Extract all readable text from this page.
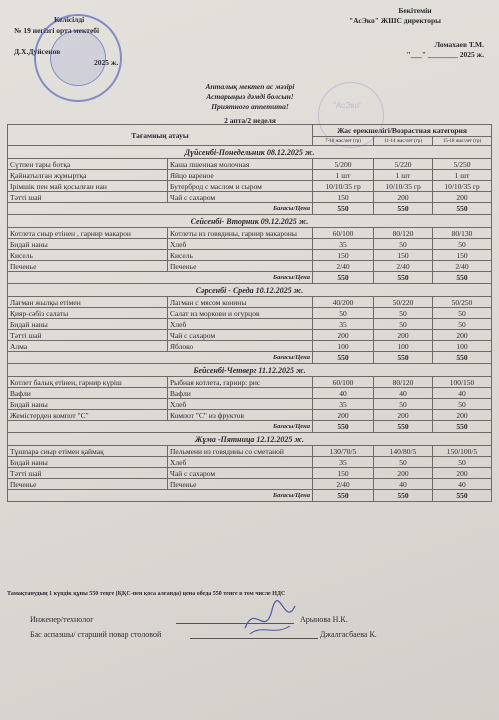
Келісілді
№ 19 негізгі орта мектебі
Д.Х.Дуйсенов
2025 ж.
Бекітемін
"АсЭко" ЖШС директоры
Ломахаев Т.М.
"___" ________ 2025 ж.
"АсЭко"
Апталық мектеп ас мәзірі
Астарыңыз дәмді болсын!
Приятного аппетита!
2 апта/2 неделя
Тағамның атауы		Жас ерекшелігі/Возрастная категория		
		7-10 жас/лет (гр)	11-14 жас/лет (гр)	15-18 жас/лет (гр)
Дүйсенбі-Понедельник 08.12.2025 ж.				
Сүтпен тары ботқа	Каша пшенная молочная	5/200	5/220	5/250
Қайнатылған жұмыртқа	Яйцо вареное	1 шт	1 шт	1 шт
Ірімшік пен май қосылған нан	Бутерброд с маслом и сыром	10/10/35 гр	10/10/35 гр	10/10/35 гр
Тәтті шай	Чай с сахаром	150	200	200
Бағасы/Цена		550	550	550
Сейсенбі- Вторник 09.12.2025 ж.				
Котлета сиыр етінен , гарнир макарон	Котлеты из говядины, гарнир макароны	60/100	80/120	80/130
Бидай наны	Хлеб	35	50	50
Кисель	Кисель	150	150	150
Печенье	Печенье	2/40	2/40	2/40
Бағасы/Цена		550	550	550
Сәрсенбі - Среда 10.12.2025 ж.				
Лағман жылқы етімен	Лагман с мясом конины	40/200	50/220	50/250
Қияр-сәбіз салаты	Салат из моркови и огурцов	50	50	50
Бидай наны	Хлеб	35	50	50
Тәтті шай	Чай с сахаром	200	200	200
Алма	Яблоко	100	100	100
Бағасы/Цена		550	550	550
Бейсенбі-Четверг 11.12.2025 ж.				
Котлет балық етінен, гарнир күріш	Рыбная котлета, гарнир: рис	60/100	80/120	100/150
Вафли	Вафли	40	40	40
Бидай наны	Хлеб	35	50	50
Жемістерден компот "С"	Компот "С" из фруктов	200	200	200
Бағасы/Цена		550	550	550
Жұма -Пятница 12.12.2025 ж.				
Тұшпара сиыр етімен қаймақ	Пельмени из говядины со сметаной	130/70/5	140/80/5	150/100/5
Бидай наны	Хлеб	35	50	50
Тәтті шай	Чай с сахаром	150	200	200
Печенье	Печенье	2/40	40	40
Бағасы/Цена		550	550	550
Тамақтанудың 1 күндік құны 550 теңге (ҚҚС-пен қоса алғанда) цена обеда 550 тенге в том числе НДС
Инженер/технолог	Арынова Н.К.
Бас аспазшы/ старший повар столовой	Джалгасбаева К.
